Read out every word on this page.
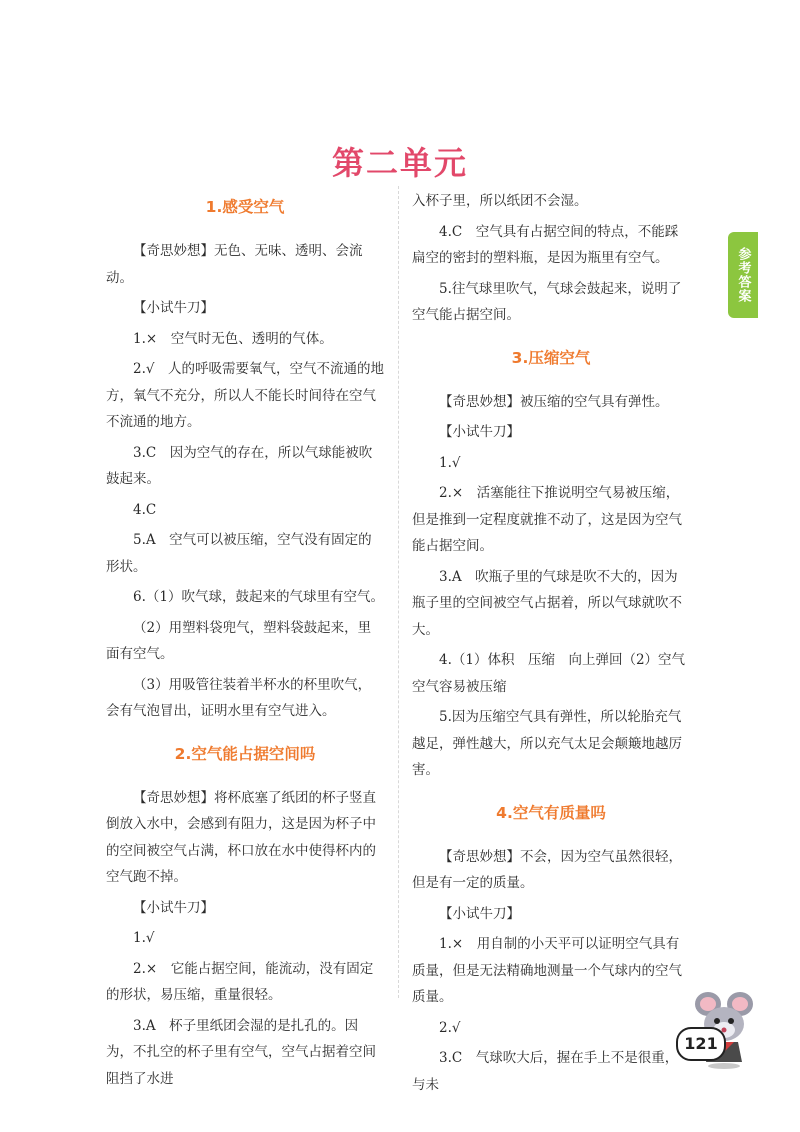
第二单元
参考答案
1.感受空气

【奇思妙想】无色、无味、透明、会流动。

【小试牛刀】

1.×　空气时无色、透明的气体。

2.√　人的呼吸需要氧气，空气不流通的地方，氧气不充分，所以人不能长时间待在空气不流通的地方。

3.C　因为空气的存在，所以气球能被吹鼓起来。

4.C

5.A　空气可以被压缩，空气没有固定的形状。

6.（1）吹气球，鼓起来的气球里有空气。

（2）用塑料袋兜气，塑料袋鼓起来，里面有空气。

（3）用吸管往装着半杯水的杯里吹气，会有气泡冒出，证明水里有空气进入。

2.空气能占据空间吗

【奇思妙想】将杯底塞了纸团的杯子竖直倒放入水中，会感到有阻力，这是因为杯子中的空间被空气占满，杯口放在水中使得杯内的空气跑不掉。

【小试牛刀】

1.√

2.×　它能占据空间，能流动，没有固定的形状，易压缩，重量很轻。

3.A　杯子里纸团会湿的是扎孔的。因为，不扎空的杯子里有空气，空气占据着空间阻挡了水进

入杯子里，所以纸团不会湿。

4.C　空气具有占据空间的特点，不能踩扁空的密封的塑料瓶，是因为瓶里有空气。

5.往气球里吹气，气球会鼓起来，说明了空气能占据空间。

3.压缩空气

【奇思妙想】被压缩的空气具有弹性。

【小试牛刀】

1.√

2.×　活塞能往下推说明空气易被压缩，但是推到一定程度就推不动了，这是因为空气能占据空间。

3.A　吹瓶子里的气球是吹不大的，因为瓶子里的空间被空气占据着，所以气球就吹不大。

4.（1）体积　压缩　向上弹回（2）空气　空气容易被压缩

5.因为压缩空气具有弹性，所以轮胎充气越足，弹性越大，所以充气太足会颠簸地越厉害。

4.空气有质量吗

【奇思妙想】不会，因为空气虽然很轻，但是有一定的质量。

【小试牛刀】

1.×　用自制的小天平可以证明空气具有质量，但是无法精确地测量一个气球内的空气质量。

2.√

3.C　气球吹大后，握在手上不是很重，与未

121
